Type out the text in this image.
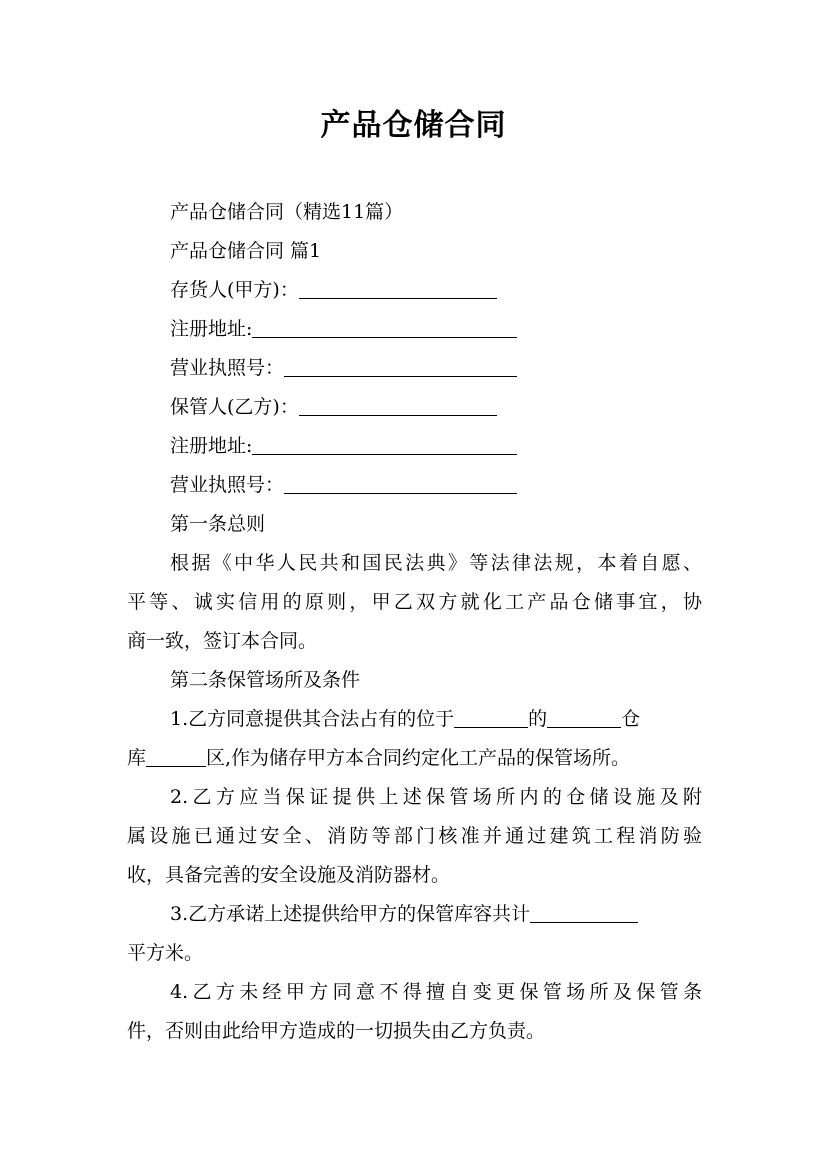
产品仓储合同
产品仓储合同（精选11篇）
产品仓储合同 篇1
存货人(甲方)：
注册地址:
营业执照号：
保管人(乙方)：
注册地址:
营业执照号：
第一条总则
根据《中华人民共和国民法典》等法律法规，本着自愿、
平等、诚实信用的原则，甲乙双方就化工产品仓储事宜，协
商一致，签订本合同。
第二条保管场所及条件
1.乙方同意提供其合法占有的位于	的	仓
库	区,作为储存甲方本合同约定化工产品的保管场所。
2.乙方应当保证提供上述保管场所内的仓储设施及附
属设施已通过安全、消防等部门核准并通过建筑工程消防验
收，具备完善的安全设施及消防器材。
3.乙方承诺上述提供给甲方的保管库容共计
平方米。
4.乙方未经甲方同意不得擅自变更保管场所及保管条
件，否则由此给甲方造成的一切损失由乙方负责。
